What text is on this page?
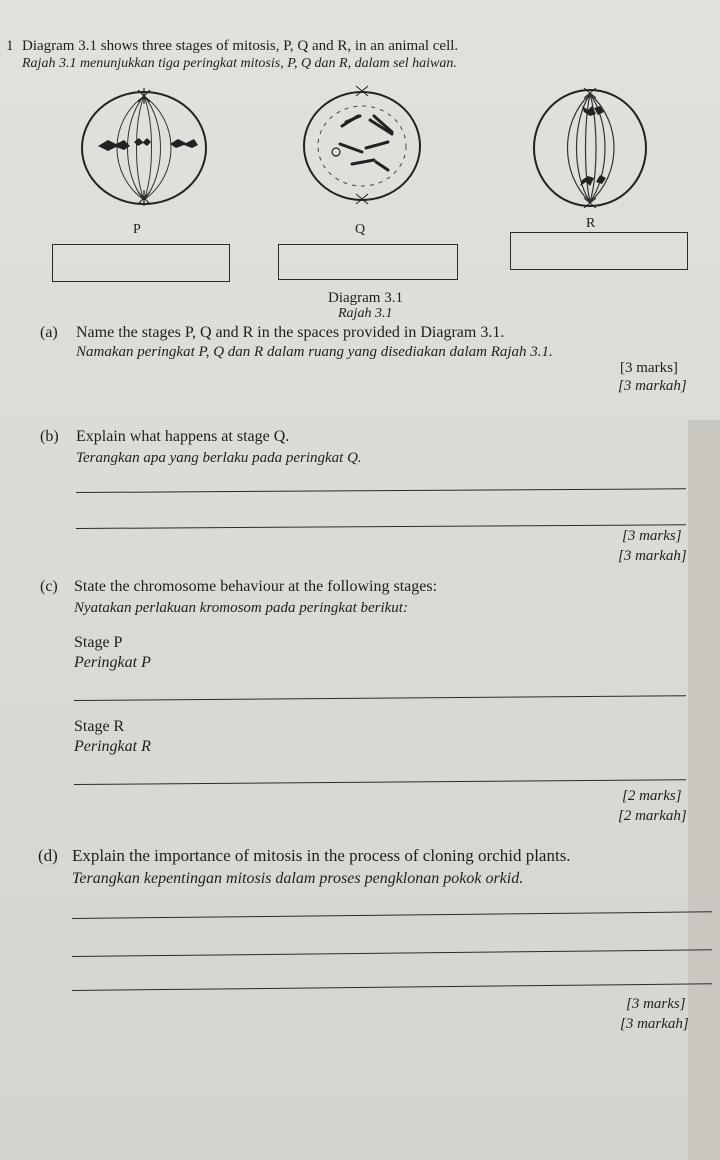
1 Diagram 3.1 shows three stages of mitosis, P, Q and R, in an animal cell.
Rajah 3.1 menunjukkan tiga peringkat mitosis, P, Q dan R, dalam sel haiwan.
P	Q	R
Diagram 3.1
Rajah 3.1
(a) Name the stages P, Q and R in the spaces provided in Diagram 3.1.
Namakan peringkat P, Q dan R dalam ruang yang disediakan dalam Rajah 3.1.
[3 marks]
[3 markah]
(b) Explain what happens at stage Q.
Terangkan apa yang berlaku pada peringkat Q.
[3 marks]
[3 markah]
(c) State the chromosome behaviour at the following stages:
Nyatakan perlakuan kromosom pada peringkat berikut:
Stage P
Peringkat P
Stage R
Peringkat R
[2 marks]
[2 markah]
(d) Explain the importance of mitosis in the process of cloning orchid plants.
Terangkan kepentingan mitosis dalam proses pengklonan pokok orkid.
[3 marks]
[3 markah]
